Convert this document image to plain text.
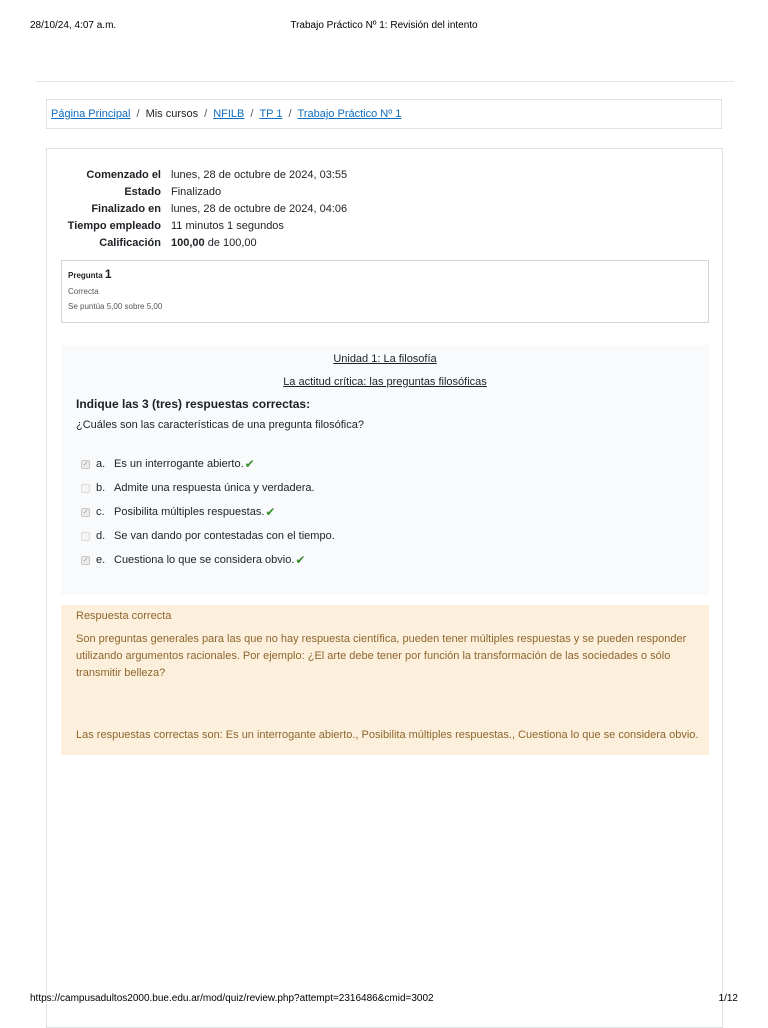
28/10/24, 4:07 a.m.	Trabajo Práctico Nº 1: Revisión del intento
Página Principal / Mis cursos / NFILB / TP 1 / Trabajo Práctico Nº 1
Comenzado el lunes, 28 de octubre de 2024, 03:55
Estado Finalizado
Finalizado en lunes, 28 de octubre de 2024, 04:06
Tiempo empleado 11 minutos 1 segundos
Calificación 100,00 de 100,00
Pregunta 1
Correcta
Se puntúa 5,00 sobre 5,00
Unidad 1: La filosofía
La actitud crítica: las preguntas filosóficas
Indique las 3 (tres) respuestas correctas:
¿Cuáles son las características de una pregunta filosófica?
✓ a. Es un interrogante abierto. ✔
b. Admite una respuesta única y verdadera.
✓ c. Posibilita múltiples respuestas. ✔
d. Se van dando por contestadas con el tiempo.
✓ e. Cuestiona lo que se considera obvio. ✔
Respuesta correcta
Son preguntas generales para las que no hay respuesta científica, pueden tener múltiples respuestas y se pueden responder utilizando argumentos racionales. Por ejemplo: ¿El arte debe tener por función la transformación de las sociedades o sólo transmitir belleza?
Las respuestas correctas son: Es un interrogante abierto., Posibilita múltiples respuestas., Cuestiona lo que se considera obvio.
https://campusadultos2000.bue.edu.ar/mod/quiz/review.php?attempt=2316486&cmid=3002	1/12
